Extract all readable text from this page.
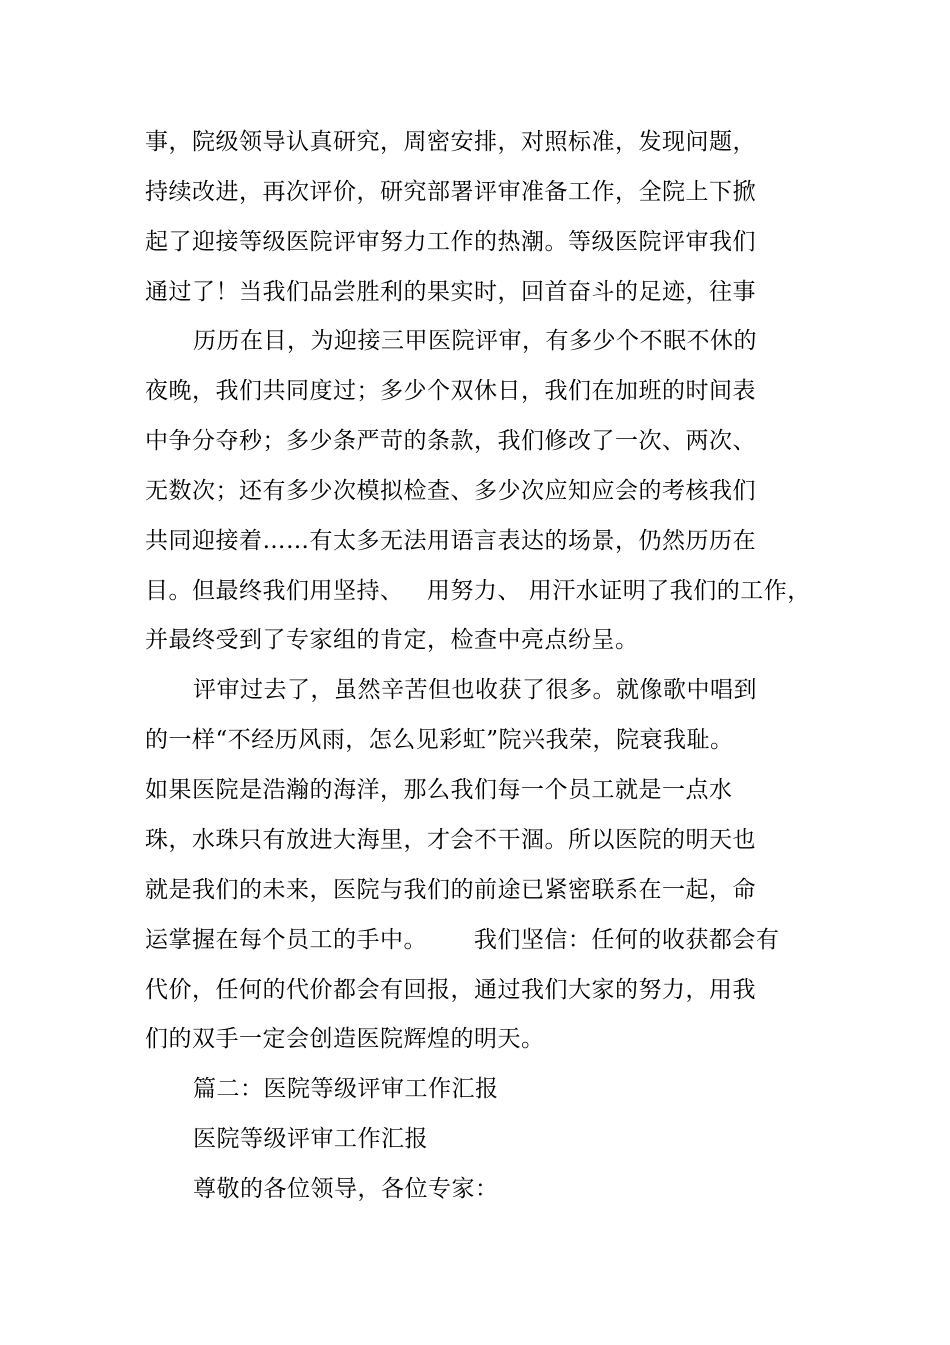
事，院级领导认真研究，周密安排，对照标准，发现问题，
持续改进，再次评价，研究部署评审准备工作，全院上下掀
起了迎接等级医院评审努力工作的热潮。等级医院评审我们
通过了！当我们品尝胜利的果实时，回首奋斗的足迹，往事
历历在目，为迎接三甲医院评审，有多少个不眠不休的
夜晚，我们共同度过；多少个双休日，我们在加班的时间表
中争分夺秒；多少条严苛的条款，我们修改了一次、两次、
无数次；还有多少次模拟检查、多少次应知应会的考核我们
共同迎接着……有太多无法用语言表达的场景，仍然历历在
目。但最终我们用坚持、   用努力、 用汗水证明了我们的工作，
并最终受到了专家组的肯定，检查中亮点纷呈。
评审过去了，虽然辛苦但也收获了很多。就像歌中唱到
的一样“不经历风雨，怎么见彩虹”院兴我荣，院衰我耻。
如果医院是浩瀚的海洋，那么我们每一个员工就是一点水
珠，水珠只有放进大海里，才会不干涸。所以医院的明天也
就是我们的未来，医院与我们的前途已紧密联系在一起，命
运掌握在每个员工的手中。      我们坚信：任何的收获都会有
代价，任何的代价都会有回报，通过我们大家的努力，用我
们的双手一定会创造医院辉煌的明天。
篇二：医院等级评审工作汇报
医院等级评审工作汇报
尊敬的各位领导，各位专家：
